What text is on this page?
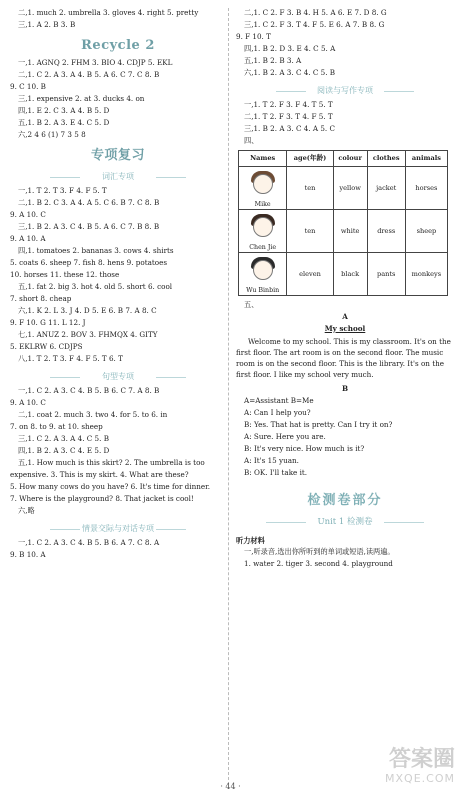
二,1. much 2. umbrella 3. gloves 4. right 5. pretty
三,1. A 2. B 3. B
Recycle 2
一,1. AGNQ 2. FHM 3. BIO 4. CDJP 5. EKL
二,1. C 2. A 3. A 4. B 5. A 6. C 7. C 8. B
9. C 10. B
三,1. expensive 2. at 3. ducks 4. on
四,1. E 2. C 3. A 4. B 5. D
五,1. B 2. A 3. E 4. C 5. D
六,2 4 6 (1) 7 3 5 8
专项复习
词汇专项
一,1. T 2. T 3. F 4. F 5. T
二,1. B 2. C 3. A 4. A 5. C 6. B 7. C 8. B
9. A 10. C
三,1. B 2. A 3. C 4. B 5. A 6. C 7. B 8. B
9. A 10. A
四,1. tomatoes 2. bananas 3. cows 4. shirts
5. coats 6. sheep 7. fish 8. hens 9. potatoes
10. horses 11. these 12. those
五,1. fat 2. big 3. hot 4. old 5. short 6. cool
7. short 8. cheap
六,1. K 2. L 3. J 4. D 5. E 6. B 7. A 8. C
9. F 10. G 11. L 12. J
七,1. ANUZ 2. BOV 3. FHMQX 4. GITY
5. EKLRW 6. CDJPS
八,1. T 2. T 3. F 4. F 5. T 6. T
句型专项
一,1. C 2. A 3. C 4. B 5. B 6. C 7. A 8. B
9. A 10. C
二,1. coat 2. much 3. two 4. for 5. to 6. in
7. on 8. to 9. at 10. sheep
三,1. C 2. A 3. A 4. C 5. B
四,1. B 2. A 3. C 4. E 5. D
五,1. How much is this skirt? 2. The umbrella is too
expensive. 3. This is my skirt. 4. What are these?
5. How many cows do you have? 6. It's time for dinner.
7. Where is the playground? 8. That jacket is cool!
六,略
情景交际与对话专项
一,1. C 2. A 3. C 4. B 5. B 6. A 7. C 8. A
9. B 10. A
二,1. C 2. F 3. B 4. H 5. A 6. E 7. D 8. G
三,1. C 2. F 3. T 4. F 5. E 6. A 7. B 8. G
9. F 10. T
四,1. B 2. D 3. E 4. C 5. A
五,1. B 2. B 3. A
六,1. B 2. A 3. C 4. C 5. B
阅读与写作专项
一,1. T 2. F 3. F 4. T 5. T
二,1. T 2. F 3. T 4. F 5. T
三,1. B 2. A 3. C 4. A 5. C
四、
Names	age(年龄)	colour	clothes	animals

Mike	ten	yellow	jacket	horses

Chen Jie	ten	white	dress	sheep

Wu Binbin	eleven	black	pants	monkeys
五、
A
My school
Welcome to my school. This is my classroom. It's on the first floor. The art room is on the second floor. The music room is on the second floor. This is the library. It's on the first floor. I like my school very much.
B
A=Assistant B=Me
A: Can I help you?
B: Yes. That hat is pretty. Can I try it on?
A: Sure. Here you are.
B: It's very nice. How much is it?
A: It's 15 yuan.
B: OK. I'll take it.
检测卷部分
Unit 1 检测卷
听力材料
一,听录音,选出你所听到的单词或短语,读两遍。
1. water 2. tiger 3. second 4. playground
· 44 ·
答案圈
MXQE.COM
